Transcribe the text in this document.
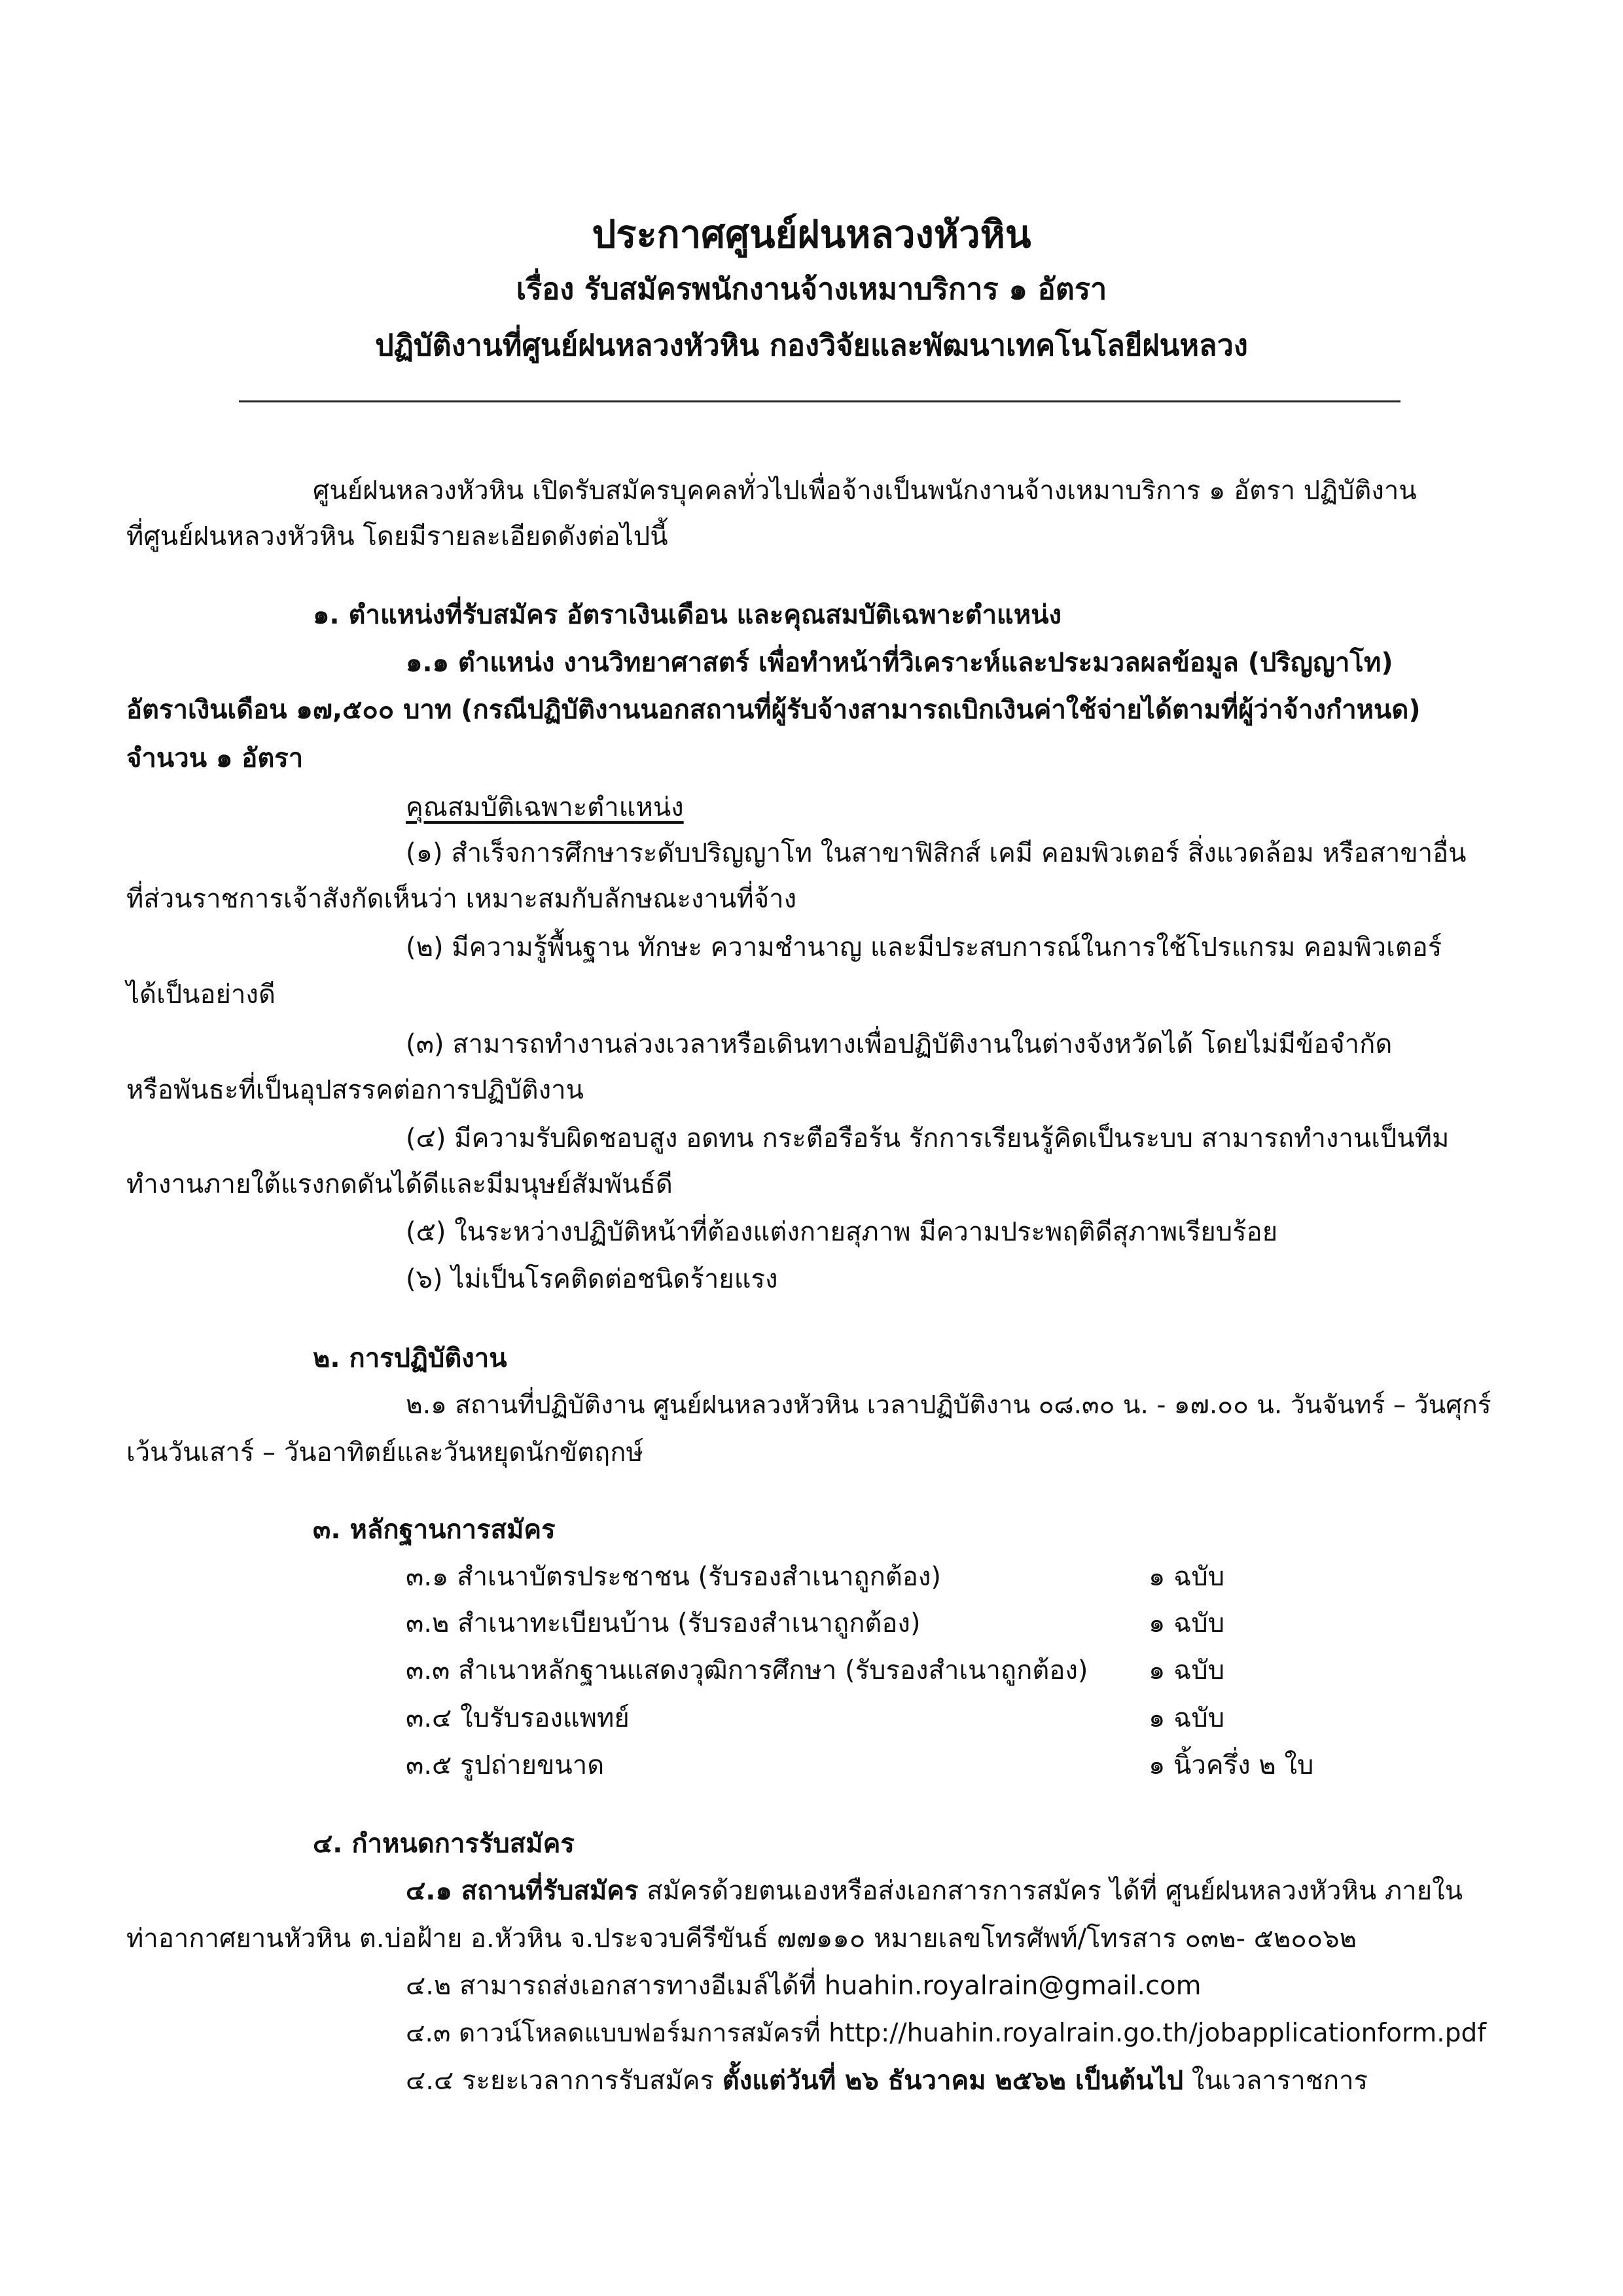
ประกาศศูนย์ฝนหลวงหัวหิน
เรื่อง รับสมัครพนักงานจ้างเหมาบริการ ๑ อัตรา
ปฏิบัติงานที่ศูนย์ฝนหลวงหัวหิน กองวิจัยและพัฒนาเทคโนโลยีฝนหลวง
ศูนย์ฝนหลวงหัวหิน เปิดรับสมัครบุคคลทั่วไปเพื่อจ้างเป็นพนักงานจ้างเหมาบริการ ๑ อัตรา ปฏิบัติงาน
ที่ศูนย์ฝนหลวงหัวหิน โดยมีรายละเอียดดังต่อไปนี้
๑. ตำแหน่งที่รับสมัคร อัตราเงินเดือน และคุณสมบัติเฉพาะตำแหน่ง
๑.๑ ตำแหน่ง งานวิทยาศาสตร์ เพื่อทำหน้าที่วิเคราะห์และประมวลผลข้อมูล (ปริญญาโท)
อัตราเงินเดือน ๑๗,๕๐๐ บาท (กรณีปฏิบัติงานนอกสถานที่ผู้รับจ้างสามารถเบิกเงินค่าใช้จ่ายได้ตามที่ผู้ว่าจ้างกำหนด)
จำนวน ๑ อัตรา
คุณสมบัติเฉพาะตำแหน่ง
(๑) สำเร็จการศึกษาระดับปริญญาโท ในสาขาฟิสิกส์ เคมี คอมพิวเตอร์ สิ่งแวดล้อม หรือสาขาอื่น
ที่ส่วนราชการเจ้าสังกัดเห็นว่า เหมาะสมกับลักษณะงานที่จ้าง
(๒) มีความรู้พื้นฐาน ทักษะ ความชำนาญ และมีประสบการณ์ในการใช้โปรแกรม คอมพิวเตอร์
ได้เป็นอย่างดี
(๓) สามารถทำงานล่วงเวลาหรือเดินทางเพื่อปฏิบัติงานในต่างจังหวัดได้ โดยไม่มีข้อจำกัด
หรือพันธะที่เป็นอุปสรรคต่อการปฏิบัติงาน
(๔) มีความรับผิดชอบสูง อดทน กระตือรือร้น รักการเรียนรู้คิดเป็นระบบ สามารถทำงานเป็นทีม
ทำงานภายใต้แรงกดดันได้ดีและมีมนุษย์สัมพันธ์ดี
(๕) ในระหว่างปฏิบัติหน้าที่ต้องแต่งกายสุภาพ มีความประพฤติดีสุภาพเรียบร้อย
(๖) ไม่เป็นโรคติดต่อชนิดร้ายแรง
๒. การปฏิบัติงาน
๒.๑ สถานที่ปฏิบัติงาน ศูนย์ฝนหลวงหัวหิน เวลาปฏิบัติงาน ๐๘.๓๐ น. - ๑๗.๐๐ น. วันจันทร์ – วันศุกร์
เว้นวันเสาร์ – วันอาทิตย์และวันหยุดนักขัตฤกษ์
๓. หลักฐานการสมัคร
๓.๑ สำเนาบัตรประชาชน (รับรองสำเนาถูกต้อง)	๑ ฉบับ
๓.๒ สำเนาทะเบียนบ้าน (รับรองสำเนาถูกต้อง)	๑ ฉบับ
๓.๓ สำเนาหลักฐานแสดงวุฒิการศึกษา (รับรองสำเนาถูกต้อง) ๑ ฉบับ
๓.๔ ใบรับรองแพทย์	๑ ฉบับ
๓.๕ รูปถ่ายขนาด	๑ นิ้วครึ่ง ๒ ใบ
๔. กำหนดการรับสมัคร
๔.๑ สถานที่รับสมัคร สมัครด้วยตนเองหรือส่งเอกสารการสมัคร ได้ที่ ศูนย์ฝนหลวงหัวหิน ภายใน
ท่าอากาศยานหัวหิน ต.บ่อฝ้าย อ.หัวหิน จ.ประจวบคีรีขันธ์ ๗๗๑๑๐ หมายเลขโทรศัพท์/โทรสาร ๐๓๒- ๕๒๐๐๖๒
๔.๒ สามารถส่งเอกสารทางอีเมล์ได้ที่ huahin.royalrain@gmail.com
๔.๓ ดาวน์โหลดแบบฟอร์มการสมัครที่ http://huahin.royalrain.go.th/jobapplicationform.pdf
๔.๔ ระยะเวลาการรับสมัคร ตั้งแต่วันที่ ๒๖ ธันวาคม ๒๕๖๒ เป็นต้นไป ในเวลาราชการ
